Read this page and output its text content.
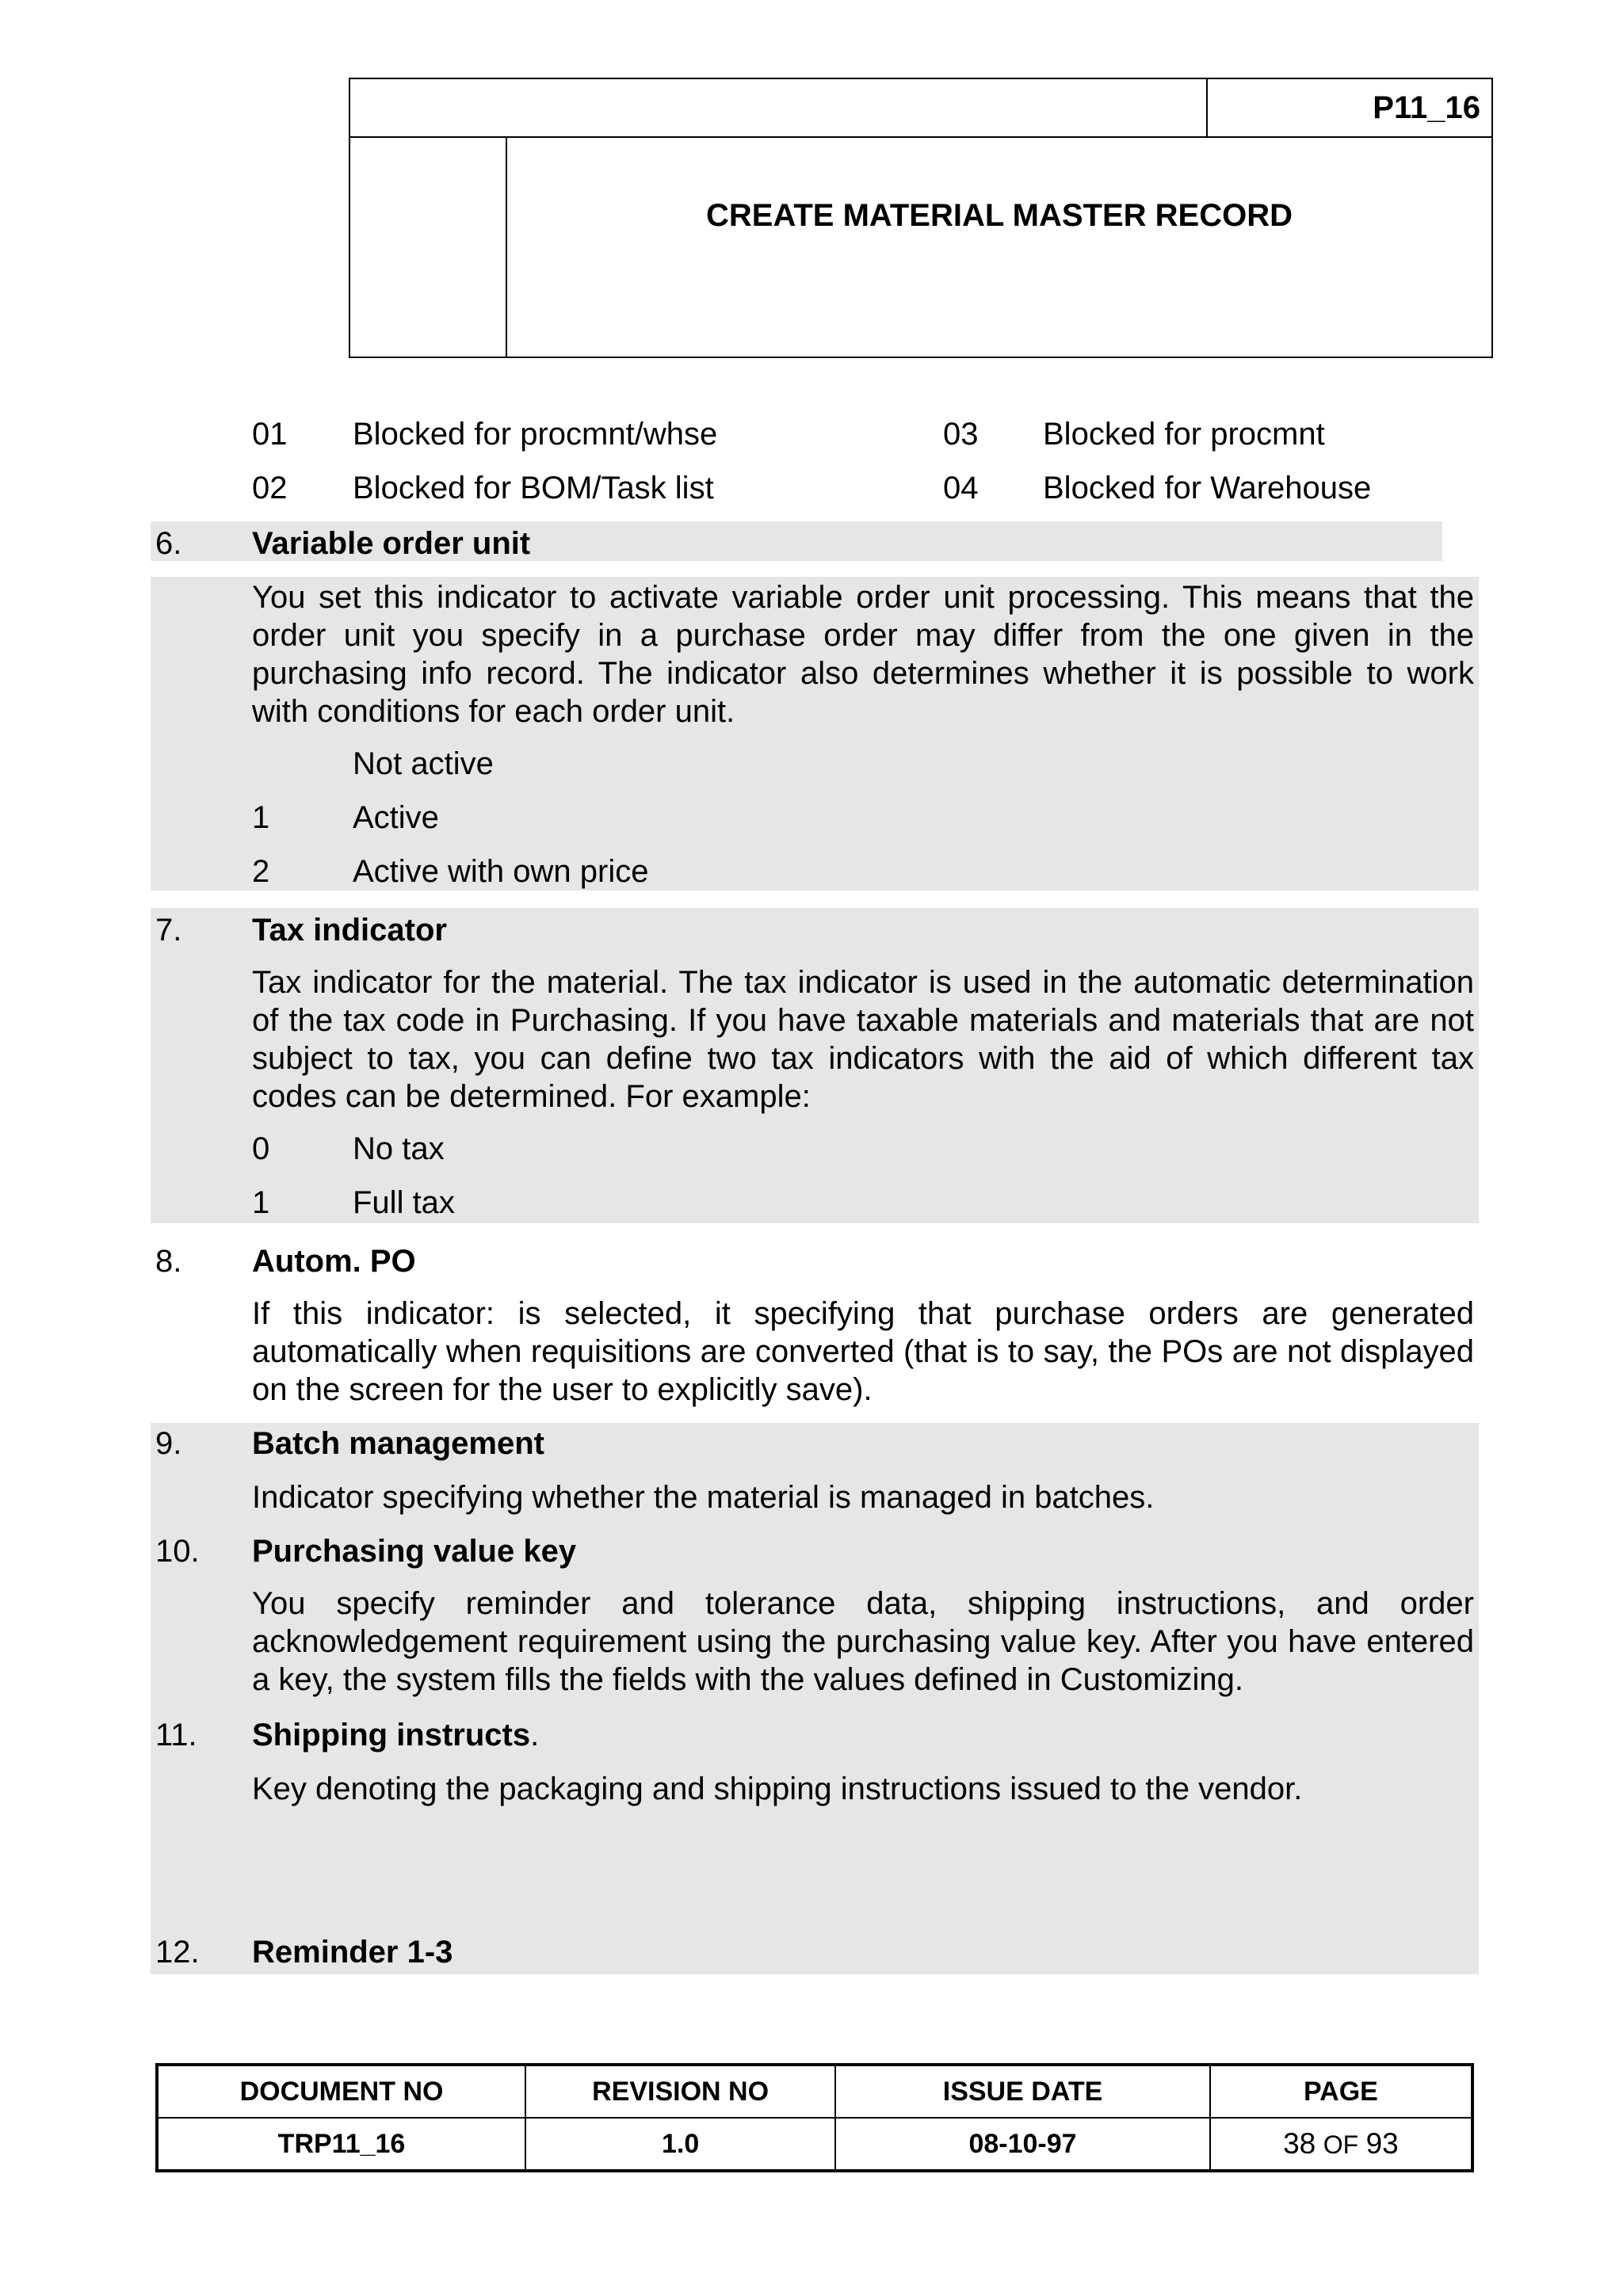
P11_16
CREATE MATERIAL MASTER RECORD
01 Blocked for procmnt/whse	03 Blocked for procmnt
02 Blocked for BOM/Task list	04 Blocked for Warehouse
6. Variable order unit
You set this indicator to activate variable order unit processing. This means that the order unit you specify in a purchase order may differ from the one given in the purchasing info record. The indicator also determines whether it is possible to work with conditions for each order unit.
Not active
1	Active
2	Active with own price
7. Tax indicator
Tax indicator for the material. The tax indicator is used in the automatic determination of the tax code in Purchasing. If you have taxable materials and materials that are not subject to tax, you can define two tax indicators with the aid of which different tax codes can be determined. For example:
0	No tax
1	Full tax
8. Autom. PO
If this indicator: is selected, it specifying that purchase orders are generated automatically when requisitions are converted (that is to say, the POs are not displayed on the screen for the user to explicitly save).
9. Batch management
Indicator specifying whether the material is managed in batches.
10. Purchasing value key
You specify reminder and tolerance data, shipping instructions, and order acknowledgement requirement using the purchasing value key. After you have entered a key, the system fills the fields with the values defined in Customizing.
11. Shipping instructs.
Key denoting the packaging and shipping instructions issued to the vendor.
12. Reminder 1-3
DOCUMENT NO	REVISION NO	ISSUE DATE	PAGE
TRP11_16	1.0	08-10-97	38 OF 93
